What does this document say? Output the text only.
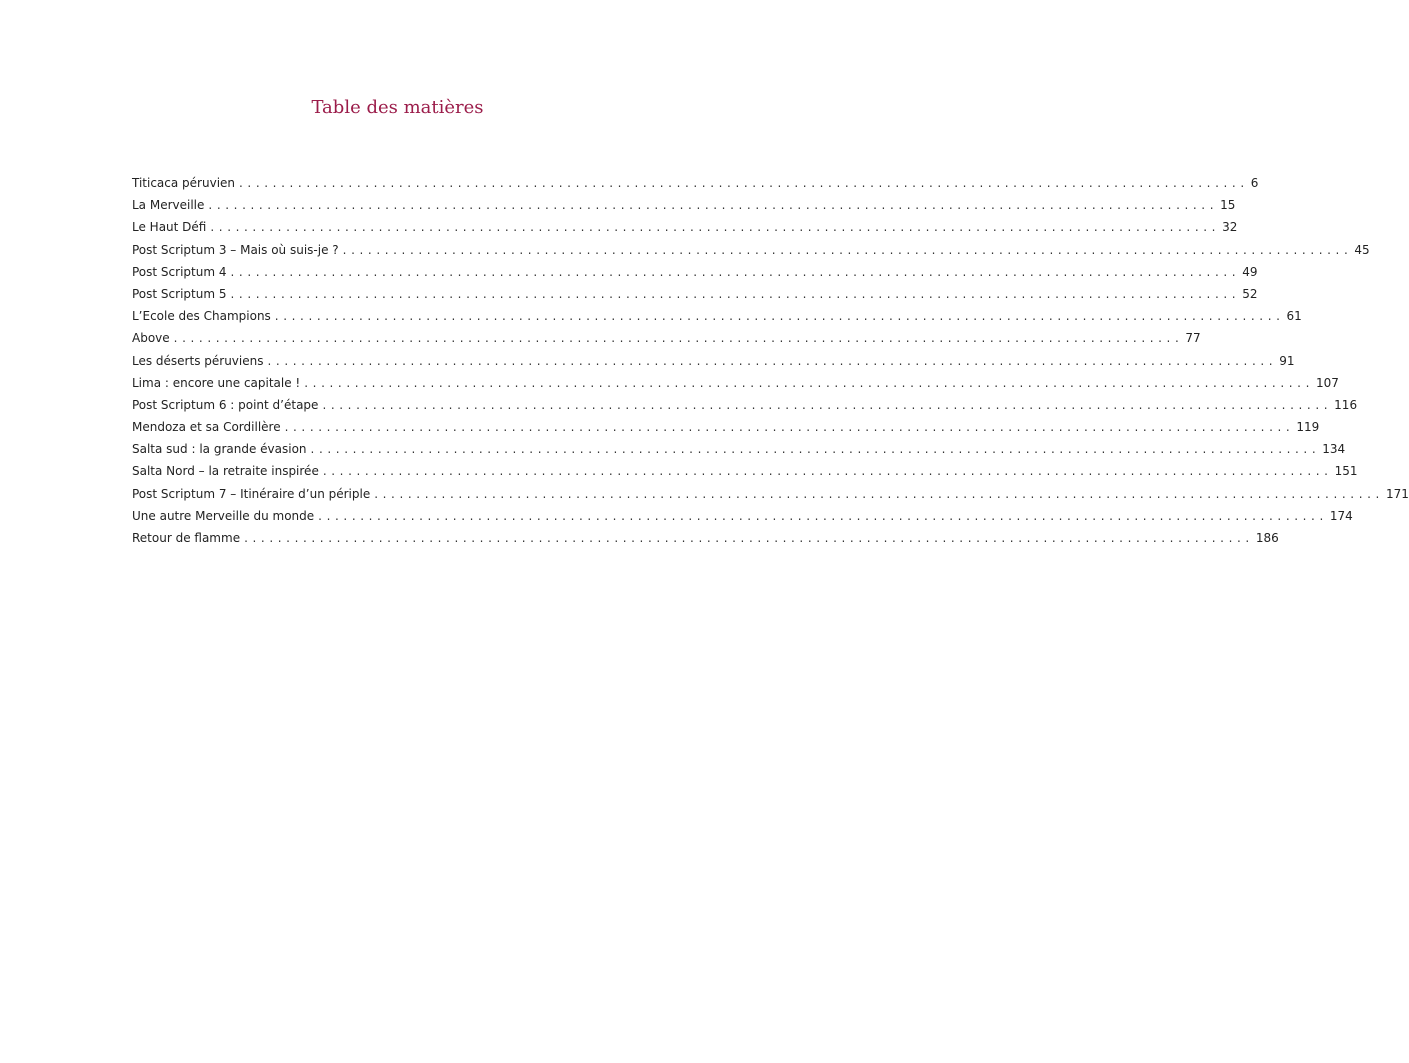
Table des matières
Titicaca péruvien ........................................................................................................................ 6
La Merveille ........................................................................................................................ 15
Le Haut Défi ........................................................................................................................ 32
Post Scriptum 3 – Mais où suis-je ? ........................................................................................................................ 45
Post Scriptum 4 ........................................................................................................................ 49
Post Scriptum 5 ........................................................................................................................ 52
L’Ecole des Champions ........................................................................................................................ 61
Above ........................................................................................................................ 77
Les déserts péruviens ........................................................................................................................ 91
Lima : encore une capitale ! ........................................................................................................................ 107
Post Scriptum 6 : point d’étape ........................................................................................................................ 116
Mendoza et sa Cordillère ........................................................................................................................ 119
Salta sud : la grande évasion ........................................................................................................................ 134
Salta Nord – la retraite inspirée ........................................................................................................................ 151
Post Scriptum 7 – Itinéraire d’un périple ........................................................................................................................ 171
Une autre Merveille du monde ........................................................................................................................ 174
Retour de flamme ........................................................................................................................ 186
